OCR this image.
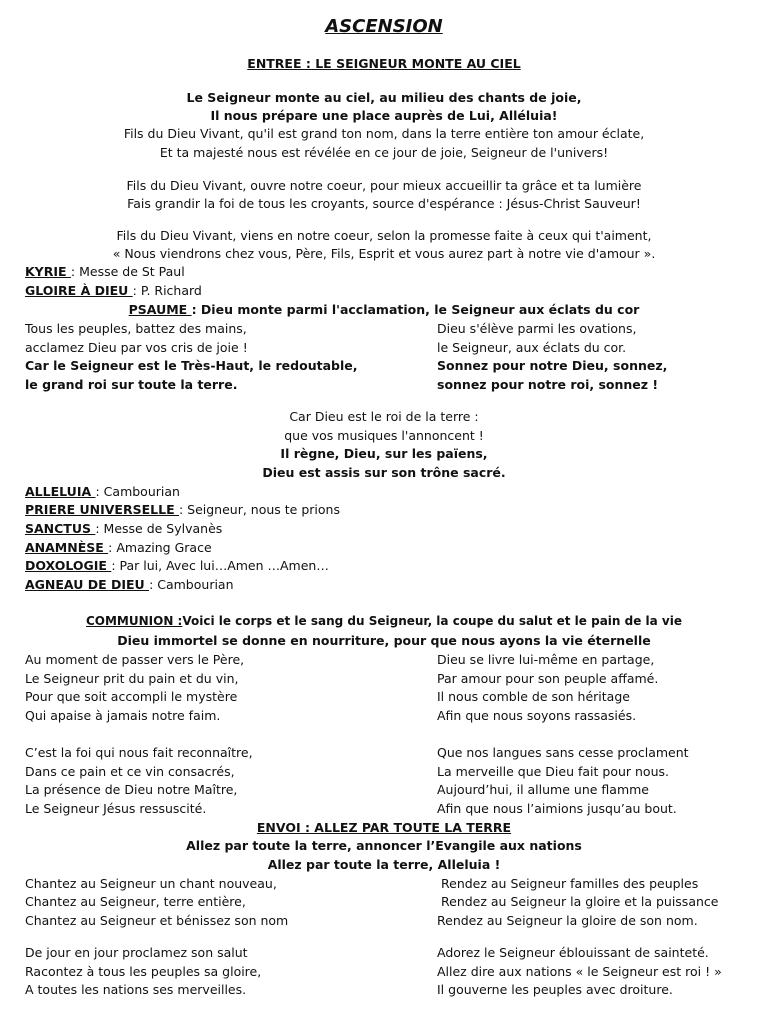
ASCENSION
ENTREE : LE SEIGNEUR MONTE AU CIEL
Le Seigneur monte au ciel, au milieu des chants de joie,
Il nous prépare une place auprès de Lui, Alléluia!
Fils du Dieu Vivant, qu'il est grand ton nom, dans la terre entière ton amour éclate,
Et ta majesté nous est révélée en ce jour de joie, Seigneur de l'univers!
Fils du Dieu Vivant, ouvre notre coeur, pour mieux accueillir ta grâce et ta lumière
Fais grandir la foi de tous les croyants, source d'espérance : Jésus-Christ Sauveur!
Fils du Dieu Vivant, viens en notre coeur, selon la promesse faite à ceux qui t'aiment,
« Nous viendrons chez vous, Père, Fils, Esprit et vous aurez part à notre vie d'amour ».
KYRIE : Messe de St Paul
GLOIRE À DIEU : P. Richard
PSAUME : Dieu monte parmi l'acclamation, le Seigneur aux éclats du cor
Tous les peuples, battez des mains,
acclamez Dieu par vos cris de joie !
Car le Seigneur est le Très-Haut, le redoutable,
le grand roi sur toute la terre.
Dieu s'élève parmi les ovations,
le Seigneur, aux éclats du cor.
Sonnez pour notre Dieu, sonnez,
sonnez pour notre roi, sonnez !
Car Dieu est le roi de la terre :
que vos musiques l'annoncent !
Il règne, Dieu, sur les païens,
Dieu est assis sur son trône sacré.
ALLELUIA : Cambourian
PRIERE UNIVERSELLE : Seigneur, nous te prions
SANCTUS : Messe de Sylvanès
ANAMNÈSE : Amazing Grace
DOXOLOGIE : Par lui, Avec lui…Amen …Amen…
AGNEAU DE DIEU : Cambourian
COMMUNION :Voici le corps et le sang du Seigneur, la coupe du salut et le pain de la vie
Dieu immortel se donne en nourriture, pour que nous ayons la vie éternelle
Au moment de passer vers le Père,
Le Seigneur prit du pain et du vin,
Pour que soit accompli le mystère
Qui apaise à jamais notre faim.
Dieu se livre lui-même en partage,
Par amour pour son peuple affamé.
Il nous comble de son héritage
Afin que nous soyons rassasiés.
C’est la foi qui nous fait reconnaître,
Dans ce pain et ce vin consacrés,
La présence de Dieu notre Maître,
Le Seigneur Jésus ressuscité.
Que nos langues sans cesse proclament
La merveille que Dieu fait pour nous.
Aujourd’hui, il allume une flamme
Afin que nous l’aimions jusqu’au bout.
ENVOI : ALLEZ PAR TOUTE LA TERRE
Allez par toute la terre, annoncer l’Evangile aux nations
Allez par toute la terre, Alleluia !
Chantez au Seigneur un chant nouveau,
Chantez au Seigneur, terre entière,
Chantez au Seigneur et bénissez son nom
Rendez au Seigneur familles des peuples
Rendez au Seigneur la gloire et la puissance
Rendez au Seigneur la gloire de son nom.
De jour en jour proclamez son salut
Racontez à tous les peuples sa gloire,
A toutes les nations ses merveilles.
Adorez le Seigneur éblouissant de sainteté.
Allez dire aux nations « le Seigneur est roi ! »
Il gouverne les peuples avec droiture.
